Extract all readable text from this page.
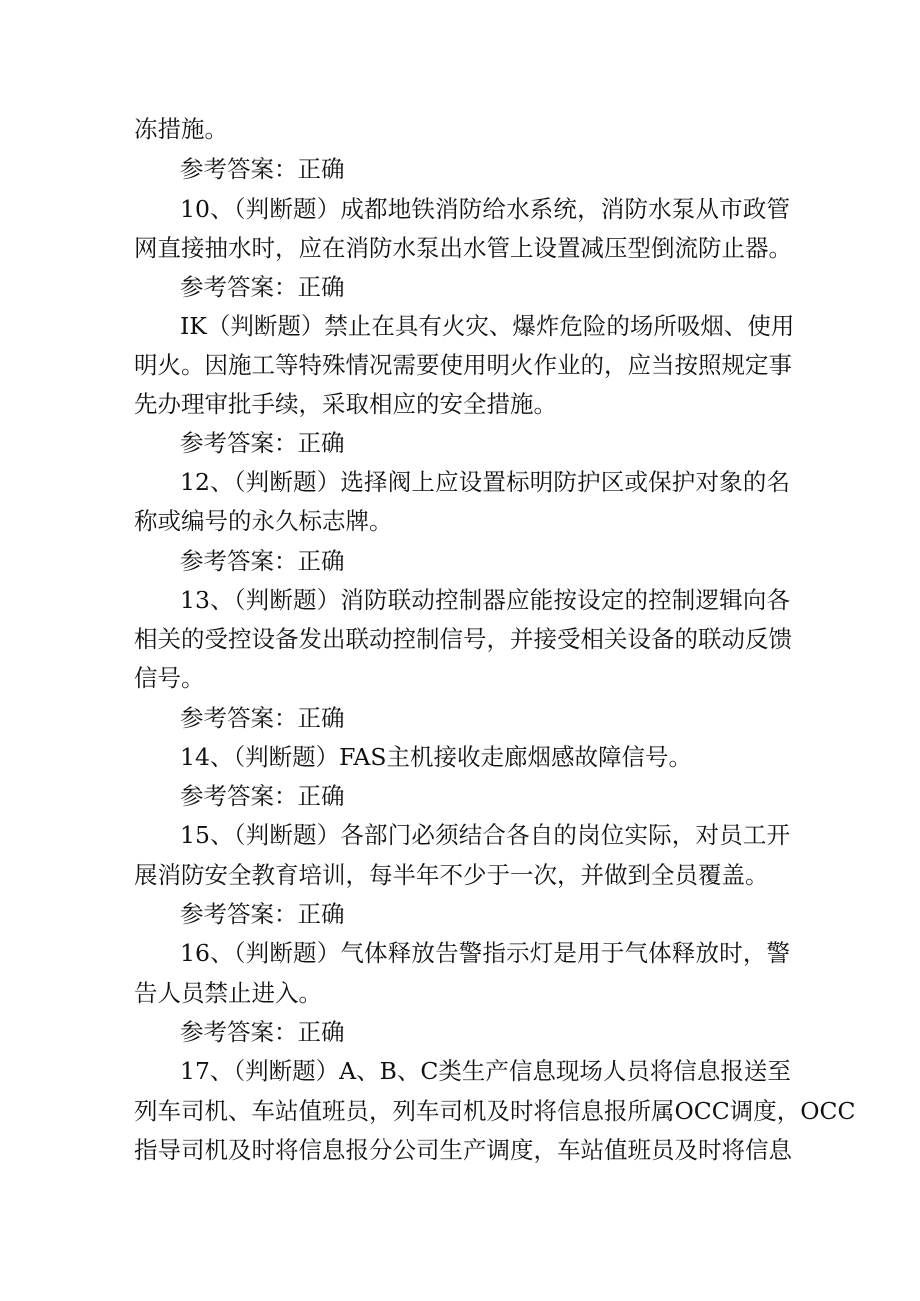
冻措施。
参考答案：正确
10、（判断题）成都地铁消防给水系统，消防水泵从市政管
网直接抽水时，应在消防水泵出水管上设置减压型倒流防止器。
参考答案：正确
IK（判断题）禁止在具有火灾、爆炸危险的场所吸烟、使用
明火。因施工等特殊情况需要使用明火作业的，应当按照规定事
先办理审批手续，采取相应的安全措施。
参考答案：正确
12、（判断题）选择阀上应设置标明防护区或保护对象的名
称或编号的永久标志牌。
参考答案：正确
13、（判断题）消防联动控制器应能按设定的控制逻辑向各
相关的受控设备发出联动控制信号，并接受相关设备的联动反馈
信号。
参考答案：正确
14、（判断题）FAS主机接收走廊烟感故障信号。
参考答案：正确
15、（判断题）各部门必须结合各自的岗位实际，对员工开
展消防安全教育培训，每半年不少于一次，并做到全员覆盖。
参考答案：正确
16、（判断题）气体释放告警指示灯是用于气体释放时，警
告人员禁止进入。
参考答案：正确
17、（判断题）A、B、C类生产信息现场人员将信息报送至
列车司机、车站值班员，列车司机及时将信息报所属OCC调度，OCC
指导司机及时将信息报分公司生产调度，车站值班员及时将信息
